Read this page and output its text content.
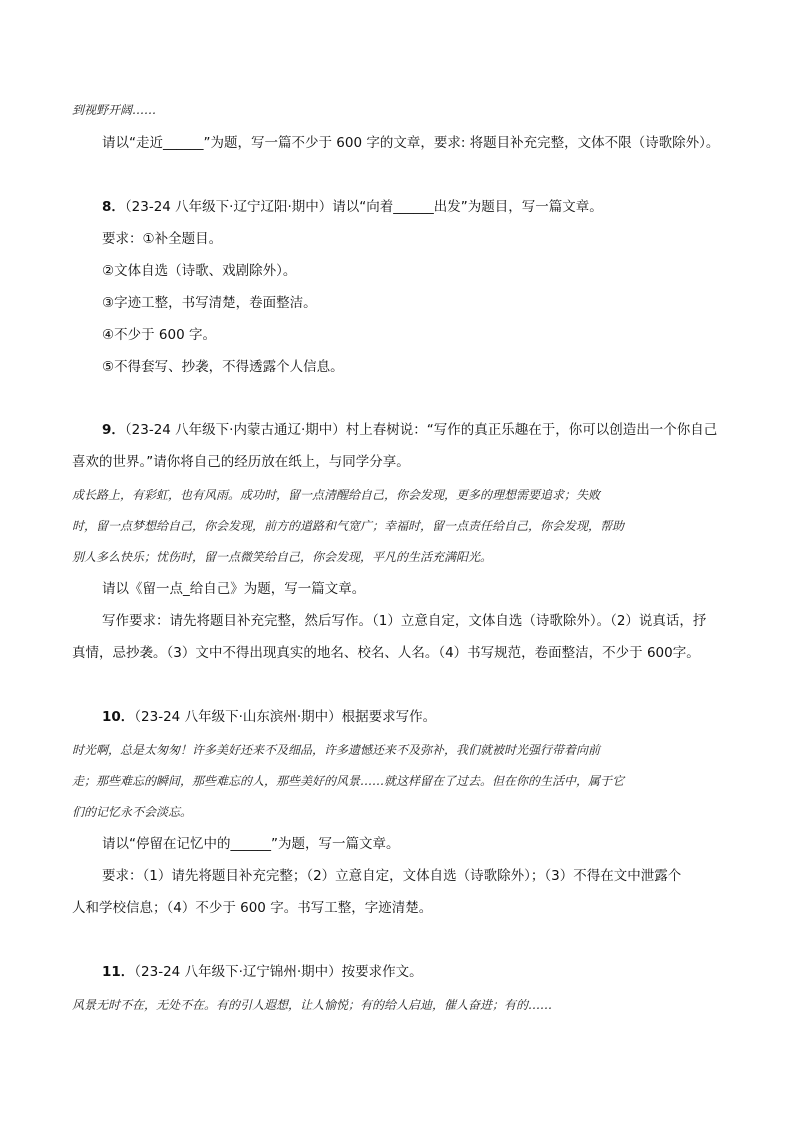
到视野开阔……
请以“走近______”为题，写一篇不少于 600 字的文章，要求: 将题目补充完整，文体不限（诗歌除外）。
8．（23-24 八年级下·辽宁辽阳·期中）请以“向着______出发”为题目，写一篇文章。
要求：①补全题目。
②文体自选（诗歌、戏剧除外）。
③字迹工整，书写清楚，卷面整洁。
④不少于 600 字。
⑤不得套写、抄袭，不得透露个人信息。
9．（23-24 八年级下·内蒙古通辽·期中）村上春树说：“写作的真正乐趣在于，你可以创造出一个你自己
喜欢的世界。”请你将自己的经历放在纸上，与同学分享。
成长路上，有彩虹，也有风雨。成功时，留一点清醒给自己，你会发现，更多的理想需要追求；失败
时，留一点梦想给自己，你会发现，前方的道路和气宽广；幸福时，留一点责任给自己，你会发现，帮助
别人多么快乐；忧伤时，留一点微笑给自己，你会发现，平凡的生活充满阳光。
请以《留一点_给自己》为题，写一篇文章。
写作要求：请先将题目补充完整，然后写作。（1）立意自定，文体自选（诗歌除外）。（2）说真话，抒
真情，忌抄袭。（3）文中不得出现真实的地名、校名、人名。（4）书写规范，卷面整洁，不少于 600字。
10．（23-24 八年级下·山东滨州·期中）根据要求写作。
时光啊，总是太匆匆！许多美好还来不及细品，许多遗憾还来不及弥补，我们就被时光强行带着向前
走；那些难忘的瞬间，那些难忘的人，那些美好的风景……就这样留在了过去。但在你的生活中，属于它
们的记忆永不会淡忘。
请以“停留在记忆中的______”为题，写一篇文章。
要求：（1）请先将题目补充完整；（2）立意自定，文体自选（诗歌除外）；（3）不得在文中泄露个
人和学校信息；（4）不少于 600 字。书写工整，字迹清楚。
11．（23-24 八年级下·辽宁锦州·期中）按要求作文。
风景无时不在，无处不在。有的引人遐想，让人愉悦；有的给人启迪，催人奋进；有的……
